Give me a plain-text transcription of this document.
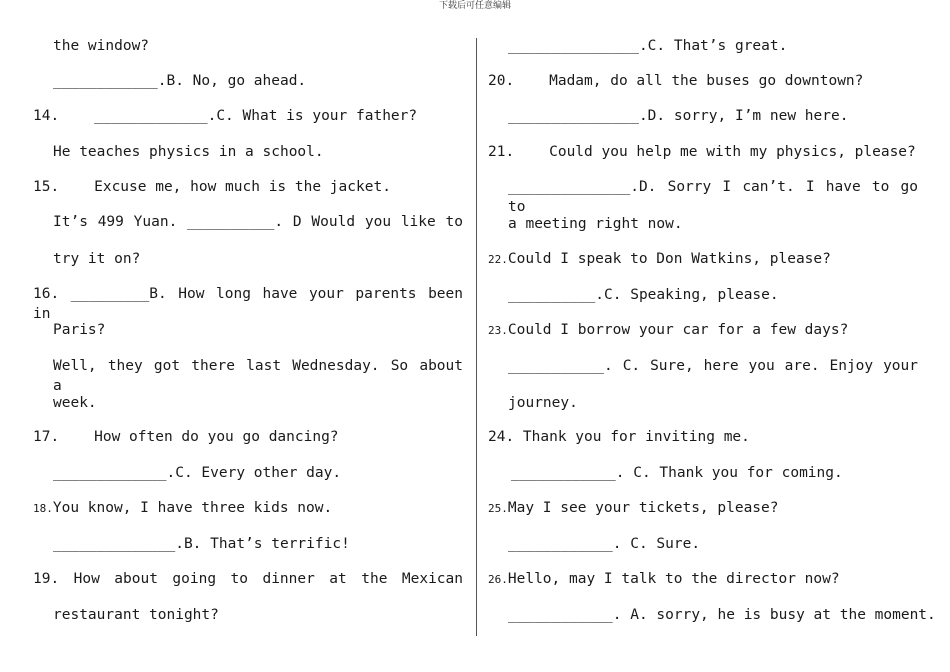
下载后可任意编辑
the window?
____________.B. No, go ahead.
14.    _____________.C. What is your father?
He teaches physics in a school.
15.    Excuse me, how much is the jacket.
It’s 499 Yuan. __________. D Would you like to
try it on?
16. _________B. How long have your parents been in
Paris?
Well, they got there last Wednesday. So about a
week.
17.    How often do you go dancing?
_____________.C. Every other day.
18.You know, I have three kids now.
______________.B. That’s terrific!
19. How about going to dinner at the Mexican
restaurant tonight?
_______________.C. That’s great.
20.    Madam, do all the buses go downtown?
_______________.D. sorry, I’m new here.
21.    Could you help me with my physics, please?
______________.D. Sorry I can’t. I have to go to
a meeting right now.
22.Could I speak to Don Watkins, please?
__________.C. Speaking, please.
23.Could I borrow your car for a few days?
___________. C. Sure, here you are. Enjoy your
journey.
24. Thank you for inviting me.
____________. C. Thank you for coming.
25.May I see your tickets, please?
____________. C. Sure.
26.Hello, may I talk to the director now?
____________. A. sorry, he is busy at the moment.
